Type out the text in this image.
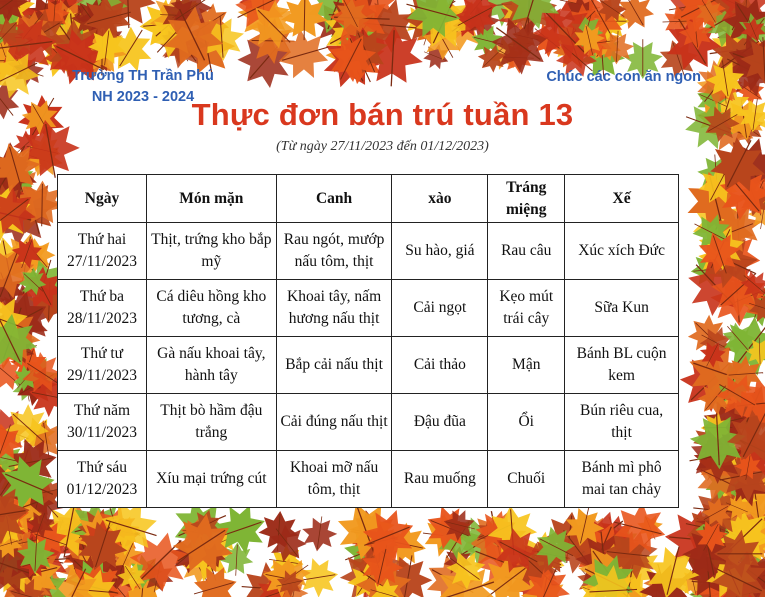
Trường TH Trần Phú
NH 2023 - 2024
Chúc các con ăn ngon
Thực đơn bán trú tuần 13
(Từ ngày 27/11/2023 đến 01/12/2023)
Ngày	Món mặn	Canh	xào	Tráng miệng	Xế

Thứ hai
27/11/2023	Thịt, trứng kho bắp mỹ	Rau ngót, mướp nấu tôm, thịt	Su hào, giá	Rau câu	Xúc xích Đức

Thứ ba
28/11/2023	Cá diêu hồng kho tương, cà	Khoai tây, nấm hương nấu thịt	Cải ngọt	Kẹo mút trái cây	Sữa Kun

Thứ tư
29/11/2023	Gà nấu khoai tây, hành tây	Bắp cải nấu thịt	Cải thảo	Mận	Bánh BL cuộn kem

Thứ năm
30/11/2023	Thịt bò hầm đậu trắng	Cải đúng nấu thịt	Đậu đũa	Ổi	Bún riêu cua, thịt

Thứ sáu
01/12/2023	Xíu mại trứng cút	Khoai mỡ nấu tôm, thịt	Rau muống	Chuối	Bánh mì phô mai tan chảy
